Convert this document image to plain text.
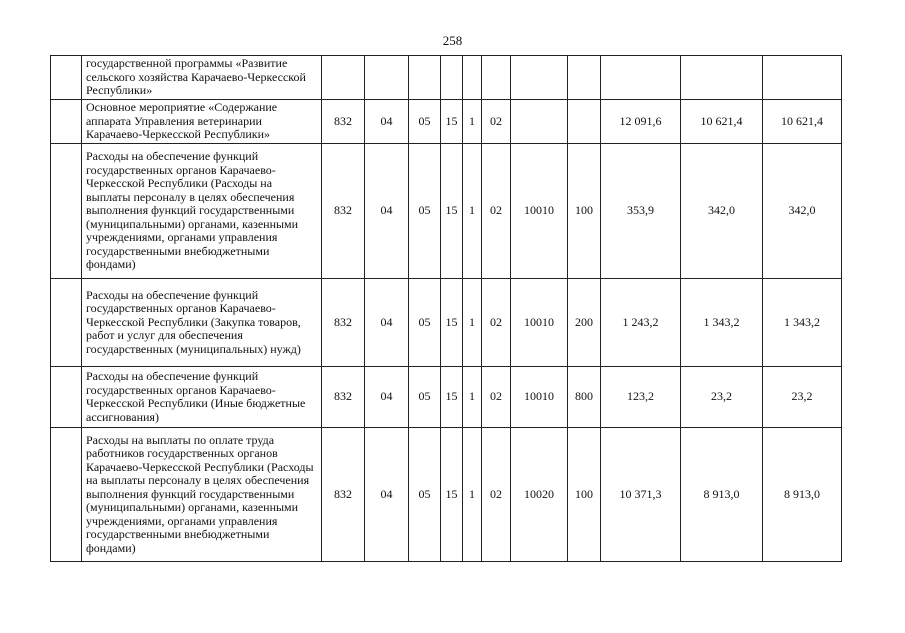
258
	государственной программы «Развитие сельского хозяйства Карачаево-Черкесской Республики»											
	Основное мероприятие «Содержание аппарата Управления ветеринарии Карачаево-Черкесской Республики»	832	04	05	15	1	02			12 091,6	10 621,4	10 621,4
	Расходы на обеспечение функций государственных органов Карачаево-Черкесской Республики (Расходы на выплаты персоналу в целях обеспечения выполнения функций государственными (муниципальными) органами, казенными учреждениями, органами управления государственными внебюджетными фондами)	832	04	05	15	1	02	10010	100	353,9	342,0	342,0
	Расходы на обеспечение функций государственных органов Карачаево-Черкесской Республики (Закупка товаров, работ и услуг для обеспечения государственных (муниципальных) нужд)	832	04	05	15	1	02	10010	200	1 243,2	1 343,2	1 343,2
	Расходы на обеспечение функций государственных органов Карачаево-Черкесской Республики (Иные бюджетные ассигнования)	832	04	05	15	1	02	10010	800	123,2	23,2	23,2
	Расходы на выплаты по оплате труда работников государственных органов Карачаево-Черкесской Республики (Расходы на выплаты персоналу в целях обеспечения выполнения функций государственными (муниципальными) органами, казенными учреждениями, органами управления государственными внебюджетными фондами)	832	04	05	15	1	02	10020	100	10 371,3	8 913,0	8 913,0
